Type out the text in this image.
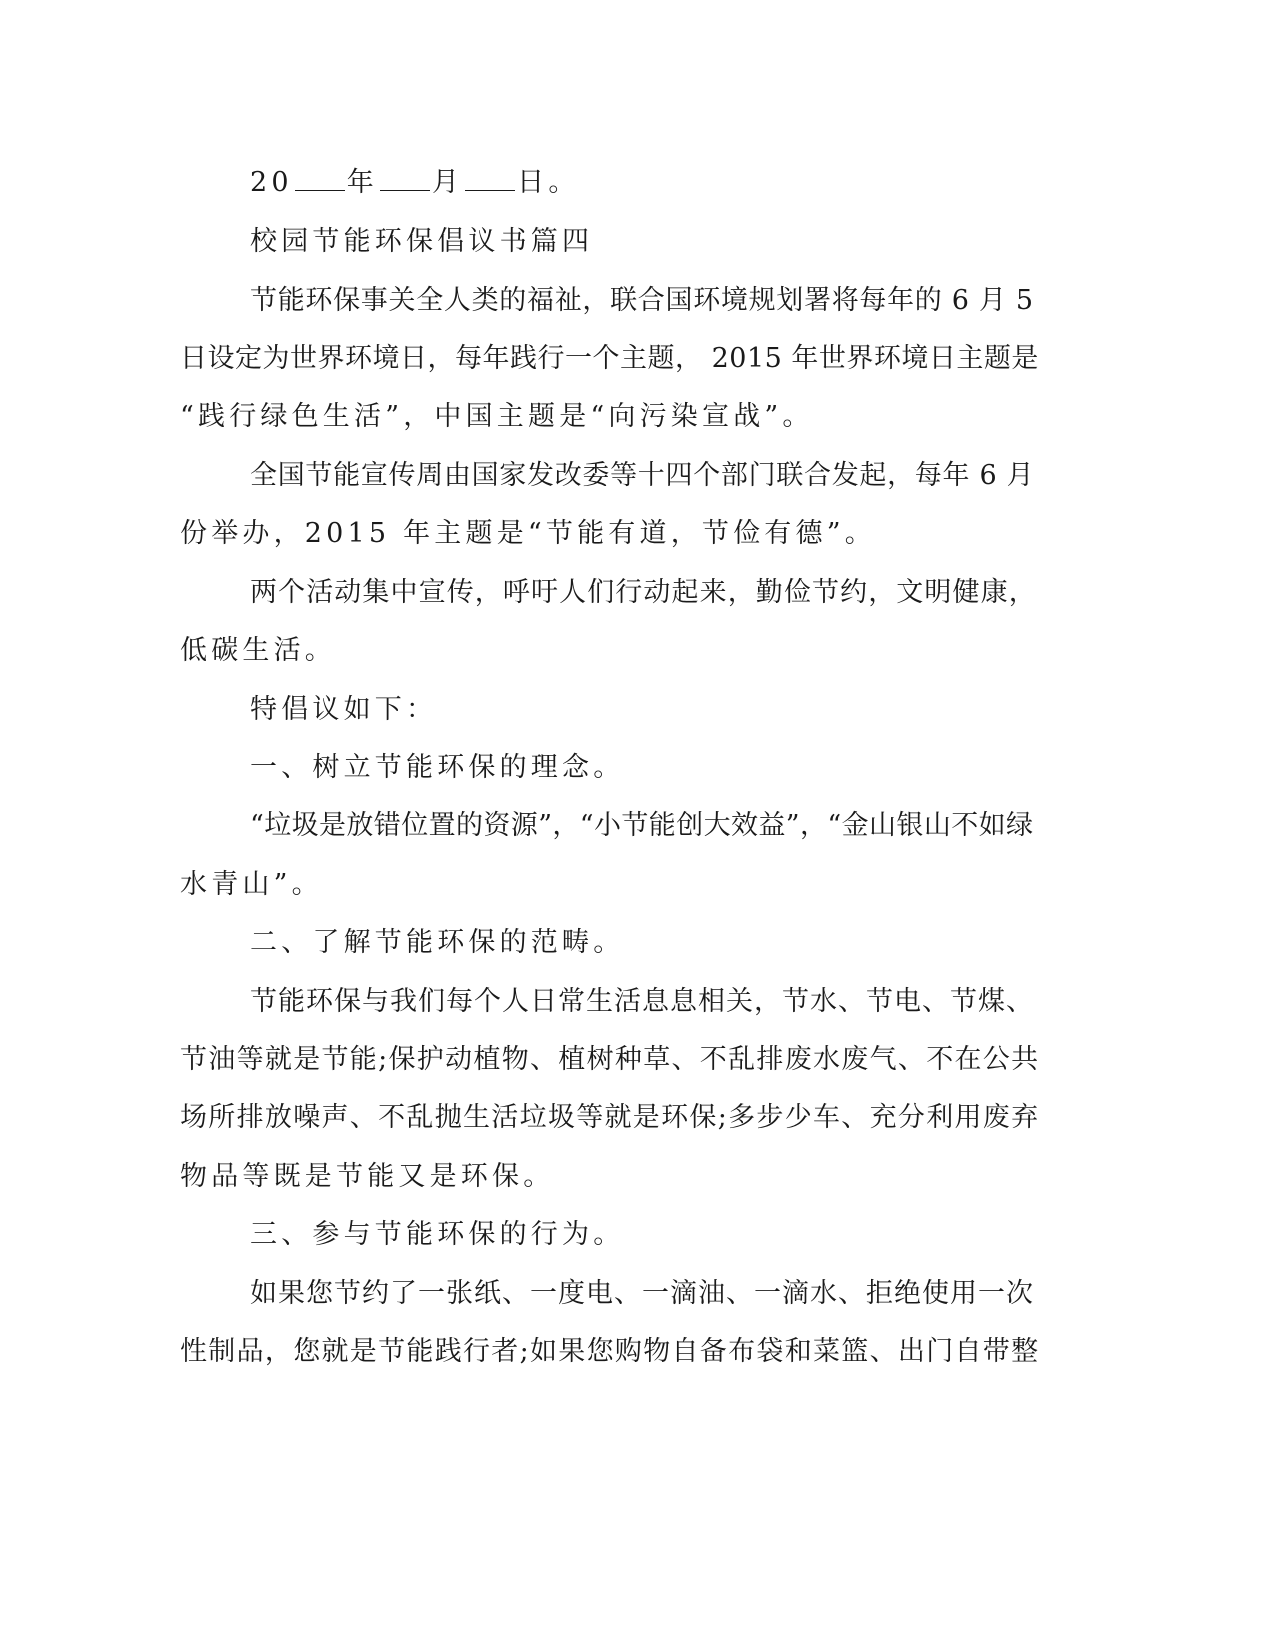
20 年 月 日。
校园节能环保倡议书篇四
节能环保事关全人类的福祉，联合国环境规划署将每年的 6 月 5
日设定为世界环境日，每年践行一个主题， 2015 年世界环境日主题是
“践行绿色生活”，中国主题是“向污染宣战”。
全国节能宣传周由国家发改委等十四个部门联合发起，每年 6 月
份举办，2015 年主题是“节能有道，节俭有德”。
两个活动集中宣传，呼吁人们行动起来，勤俭节约，文明健康，
低碳生活。
特倡议如下：
一、树立节能环保的理念。
“垃圾是放错位置的资源”，“小节能创大效益”，“金山银山不如绿
水青山”。
二、了解节能环保的范畴。
节能环保与我们每个人日常生活息息相关，节水、节电、节煤、
节油等就是节能;保护动植物、植树种草、不乱排废水废气、不在公共
场所排放噪声、不乱抛生活垃圾等就是环保;多步少车、充分利用废弃
物品等既是节能又是环保。
三、参与节能环保的行为。
如果您节约了一张纸、一度电、一滴油、一滴水、拒绝使用一次
性制品，您就是节能践行者;如果您购物自备布袋和菜篮、出门自带整
